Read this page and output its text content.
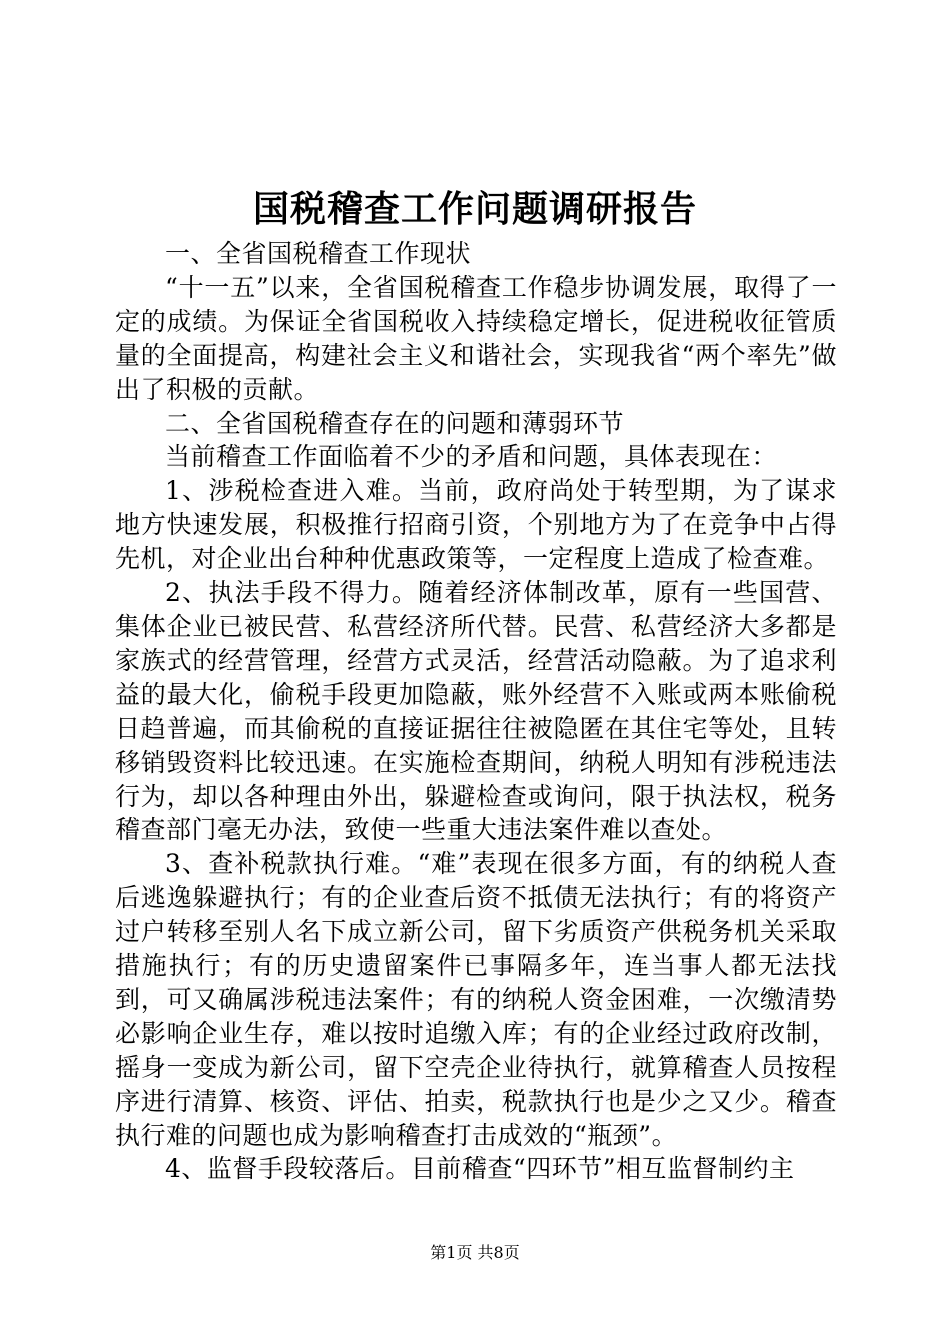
国税稽查工作问题调研报告

一、全省国税稽查工作现状

“十一五”以来，全省国税稽查工作稳步协调发展，取得了一定的成绩。为保证全省国税收入持续稳定增长，促进税收征管质量的全面提高，构建社会主义和谐社会，实现我省“两个率先”做出了积极的贡献。

二、全省国税稽查存在的问题和薄弱环节

当前稽查工作面临着不少的矛盾和问题，具体表现在：

1、涉税检查进入难。当前，政府尚处于转型期，为了谋求地方快速发展，积极推行招商引资，个别地方为了在竞争中占得先机，对企业出台种种优惠政策等，一定程度上造成了检查难。

2、执法手段不得力。随着经济体制改革，原有一些国营、集体企业已被民营、私营经济所代替。民营、私营经济大多都是家族式的经营管理，经营方式灵活，经营活动隐蔽。为了追求利益的最大化，偷税手段更加隐蔽，账外经营不入账或两本账偷税日趋普遍，而其偷税的直接证据往往被隐匿在其住宅等处，且转移销毁资料比较迅速。在实施检查期间，纳税人明知有涉税违法行为，却以各种理由外出，躲避检查或询问，限于执法权，税务稽查部门毫无办法，致使一些重大违法案件难以查处。

3、查补税款执行难。“难”表现在很多方面，有的纳税人查后逃逸躲避执行；有的企业查后资不抵债无法执行；有的将资产过户转移至别人名下成立新公司，留下劣质资产供税务机关采取措施执行；有的历史遗留案件已事隔多年，连当事人都无法找到，可又确属涉税违法案件；有的纳税人资金困难，一次缴清势必影响企业生存，难以按时追缴入库；有的企业经过政府改制，摇身一变成为新公司，留下空壳企业待执行，就算稽查人员按程序进行清算、核资、评估、拍卖，税款执行也是少之又少。稽查执行难的问题也成为影响稽查打击成效的“瓶颈”。

4、监督手段较落后。目前稽查“四环节”相互监督制约主

第1页 共8页
